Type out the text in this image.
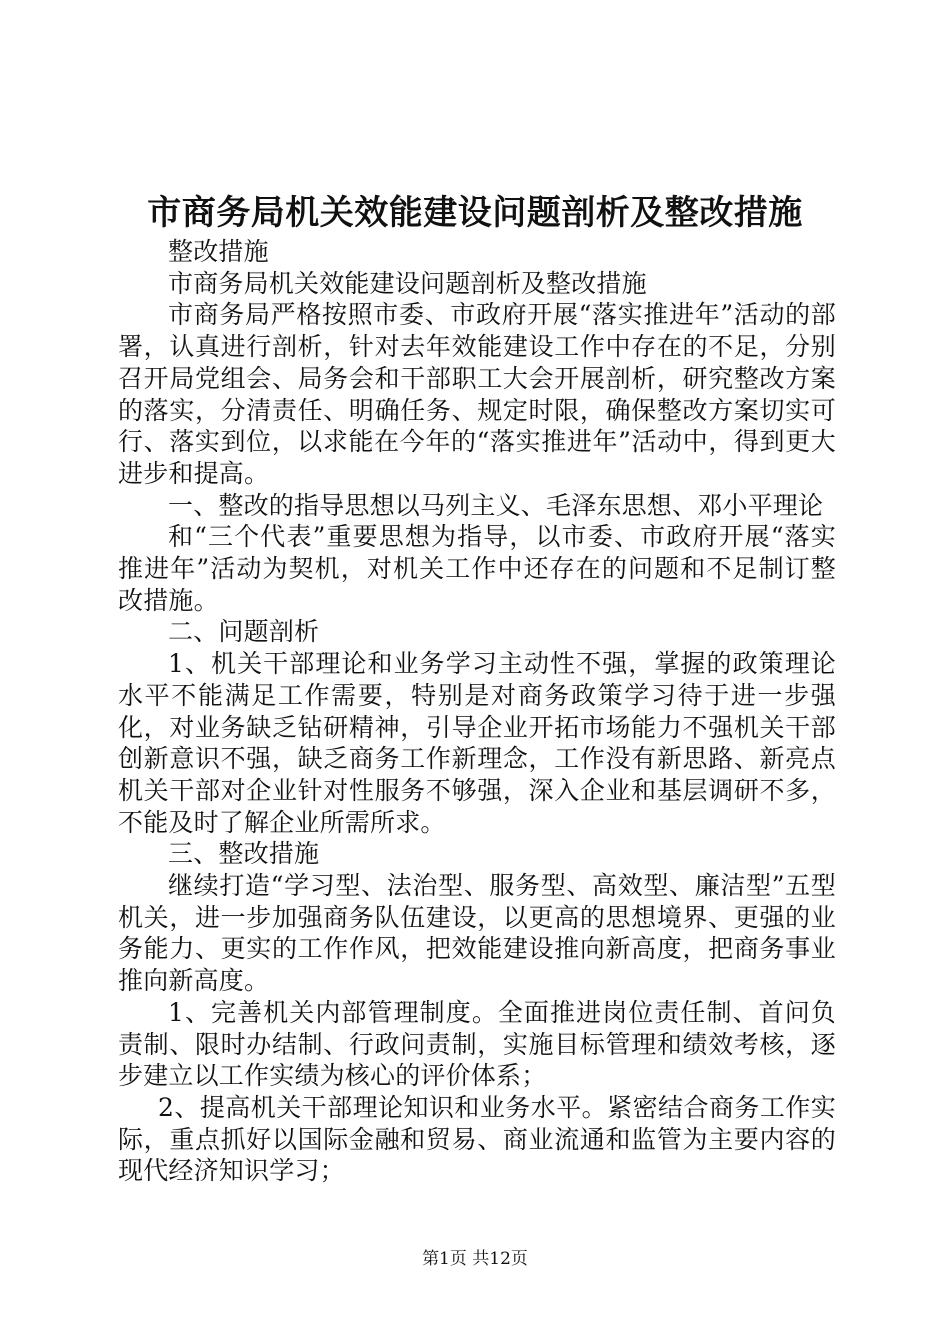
市商务局机关效能建设问题剖析及整改措施

整改措施

市商务局机关效能建设问题剖析及整改措施

市商务局严格按照市委、市政府开展“落实推进年”活动的部署，认真进行剖析，针对去年效能建设工作中存在的不足，分别召开局党组会、局务会和干部职工大会开展剖析，研究整改方案的落实，分清责任、明确任务、规定时限，确保整改方案切实可行、落实到位，以求能在今年的“落实推进年”活动中，得到更大进步和提高。

一、整改的指导思想以马列主义、毛泽东思想、邓小平理论

和“三个代表”重要思想为指导，以市委、市政府开展“落实推进年”活动为契机，对机关工作中还存在的问题和不足制订整改措施。

二、问题剖析

1、机关干部理论和业务学习主动性不强，掌握的政策理论水平不能满足工作需要，特别是对商务政策学习待于进一步强化，对业务缺乏钻研精神，引导企业开拓市场能力不强机关干部创新意识不强，缺乏商务工作新理念，工作没有新思路、新亮点机关干部对企业针对性服务不够强，深入企业和基层调研不多，不能及时了解企业所需所求。

三、整改措施

继续打造“学习型、法治型、服务型、高效型、廉洁型”五型机关，进一步加强商务队伍建设，以更高的思想境界、更强的业务能力、更实的工作作风，把效能建设推向新高度，把商务事业推向新高度。

1、完善机关内部管理制度。全面推进岗位责任制、首问负责制、限时办结制、行政问责制，实施目标管理和绩效考核，逐步建立以工作实绩为核心的评价体系；

2、提高机关干部理论知识和业务水平。紧密结合商务工作实际，重点抓好以国际金融和贸易、商业流通和监管为主要内容的现代经济知识学习；

第1页 共12页
